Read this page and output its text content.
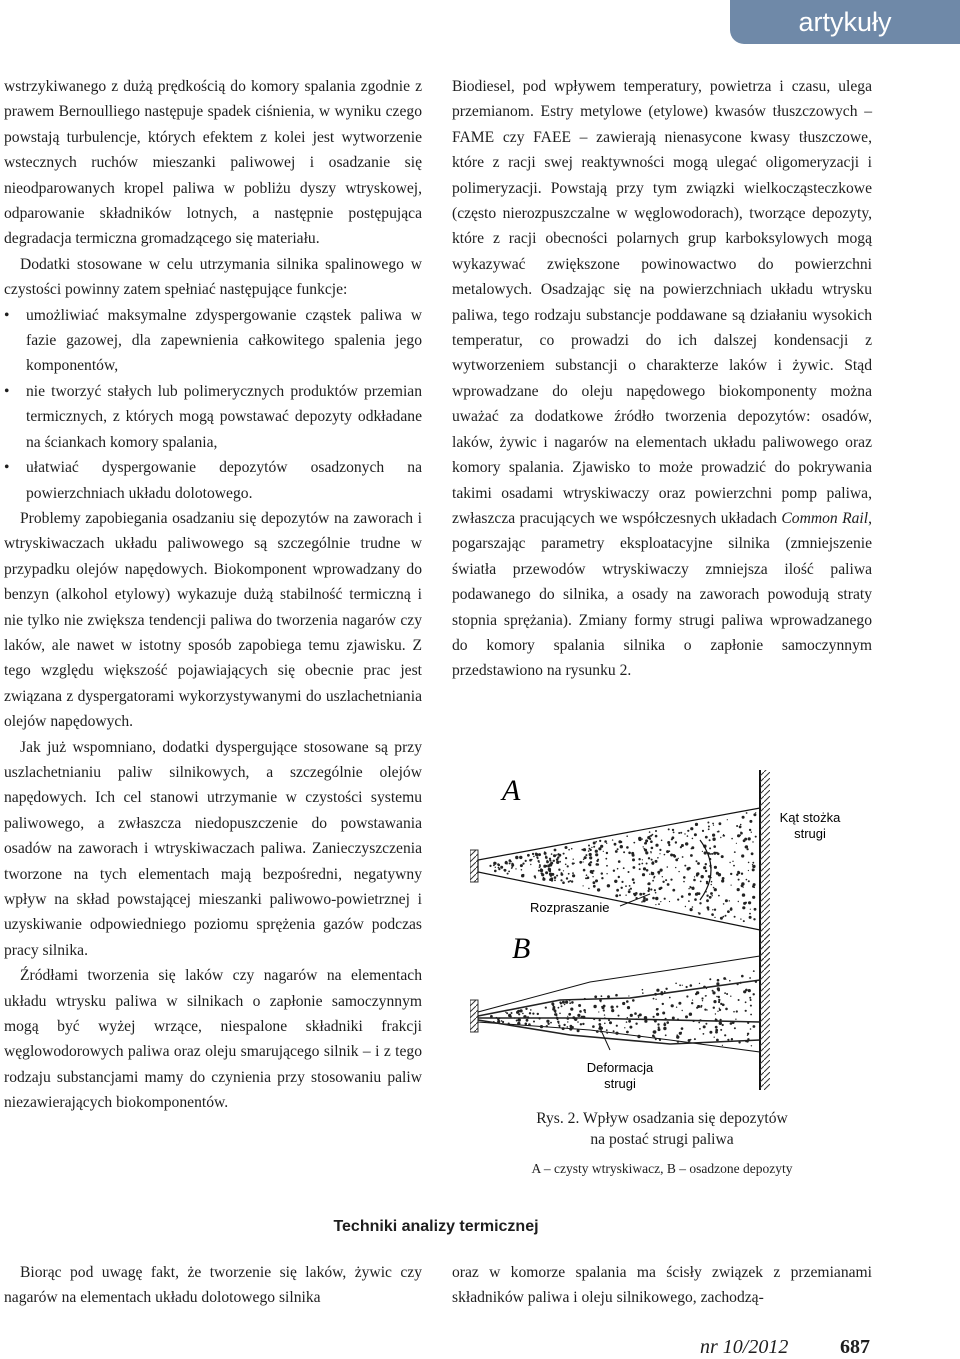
artykuły

wstrzykiwanego z dużą prędkością do komory spalania zgodnie z prawem Bernoulliego następuje spadek ciśnienia, w wyniku czego powstają turbulencje, których efektem z kolei jest wytworzenie wstecznych ruchów mieszanki paliwowej i osadzanie się nieodparowanych kropel paliwa w pobliżu dyszy wtryskowej, odparowanie składników lotnych, a następnie postępująca degradacja termiczna gromadzącego się materiału.

Dodatki stosowane w celu utrzymania silnika spalinowego w czystości powinny zatem spełniać następujące funkcje:

• umożliwiać maksymalne zdyspergowanie cząstek paliwa w fazie gazowej, dla zapewnienia całkowitego spalenia jego komponentów,
• nie tworzyć stałych lub polimerycznych produktów przemian termicznych, z których mogą powstawać depozyty odkładane na ściankach komory spalania,
• ułatwiać dyspergowanie depozytów osadzonych na powierzchniach układu dolotowego.

Problemy zapobiegania osadzaniu się depozytów na zaworach i wtryskiwaczach układu paliwowego są szczególnie trudne w przypadku olejów napędowych. Biokomponent wprowadzany do benzyn (alkohol etylowy) wykazuje dużą stabilność termiczną i nie tylko nie zwiększa tendencji paliwa do tworzenia nagarów czy laków, ale nawet w istotny sposób zapobiega temu zjawisku. Z tego względu większość pojawiających się obecnie prac jest związana z dyspergatorami wykorzystywanymi do uszlachetniania olejów napędowych.

Jak już wspomniano, dodatki dyspergujące stosowane są przy uszlachetnianiu paliw silnikowych, a szczególnie olejów napędowych. Ich cel stanowi utrzymanie w czystości systemu paliwowego, a zwłaszcza niedopuszczenie do powstawania osadów na zaworach i wtryskiwaczach paliwa. Zanieczyszczenia tworzone na tych elementach mają bezpośredni, negatywny wpływ na skład powstającej mieszanki paliwowo-powietrznej i uzyskiwanie odpowiedniego poziomu sprężenia gazów podczas pracy silnika.

Źródłami tworzenia się laków czy nagarów na elementach układu wtrysku paliwa w silnikach o zapłonie samoczynnym mogą być wyżej wrzące, niespalone składniki frakcji węglowodorowych paliwa oraz oleju smarującego silnik – i z tego rodzaju substancjami mamy do czynienia przy stosowaniu paliw niezawierających biokomponentów.

Biodiesel, pod wpływem temperatury, powietrza i czasu, ulega przemianom. Estry metylowe (etylowe) kwasów tłuszczowych – FAME czy FAEE – zawierają nienasycone kwasy tłuszczowe, które z racji swej reaktywności mogą ulegać oligomeryzacji i polimeryzacji. Powstają przy tym związki wielkocząsteczkowe (często nierozpuszczalne w węglowodorach), tworzące depozyty, które z racji obecności polarnych grup karboksylowych mogą wykazywać zwiększone powinowactwo do powierzchni metalowych. Osadzając się na powierzchniach układu wtrysku paliwa, tego rodzaju substancje poddawane są działaniu wysokich temperatur, co prowadzi do ich dalszej kondensacji z wytworzeniem substancji o charakterze laków i żywic. Stąd wprowadzane do oleju napędowego biokomponenty można uważać za dodatkowe źródło tworzenia depozytów: osadów, laków, żywic i nagarów na elementach układu paliwowego oraz komory spalania. Zjawisko to może prowadzić do pokrywania takimi osadami wtryskiwaczy oraz powierzchni pomp paliwa, zwłaszcza pracujących we współczesnych układach Common Rail, pogarszając parametry eksploatacyjne silnika (zmniejszenie światła przewodów wtryskiwaczy zmniejsza ilość paliwa podawanego do silnika, a osady na zaworach powodują straty stopnia sprężania). Zmiany formy strugi paliwa wprowadzanego do komory spalania silnika o zapłonie samoczynnym przedstawiono na rysunku 2.

A
Kąt stożka strugi
Rozpraszanie
B
Deformacja strugi
Rys. 2. Wpływ osadzania się depozytów
na postać strugi paliwa
A – czysty wtryskiwacz, B – osadzone depozyty
Techniki analizy termicznej
Biorąc pod uwagę fakt, że tworzenie się laków, żywic czy nagarów na elementach układu dolotowego silnika
oraz w komorze spalania ma ścisły związek z przemianami składników paliwa i oleju silnikowego, zachodzą-
nr 10/2012	687
